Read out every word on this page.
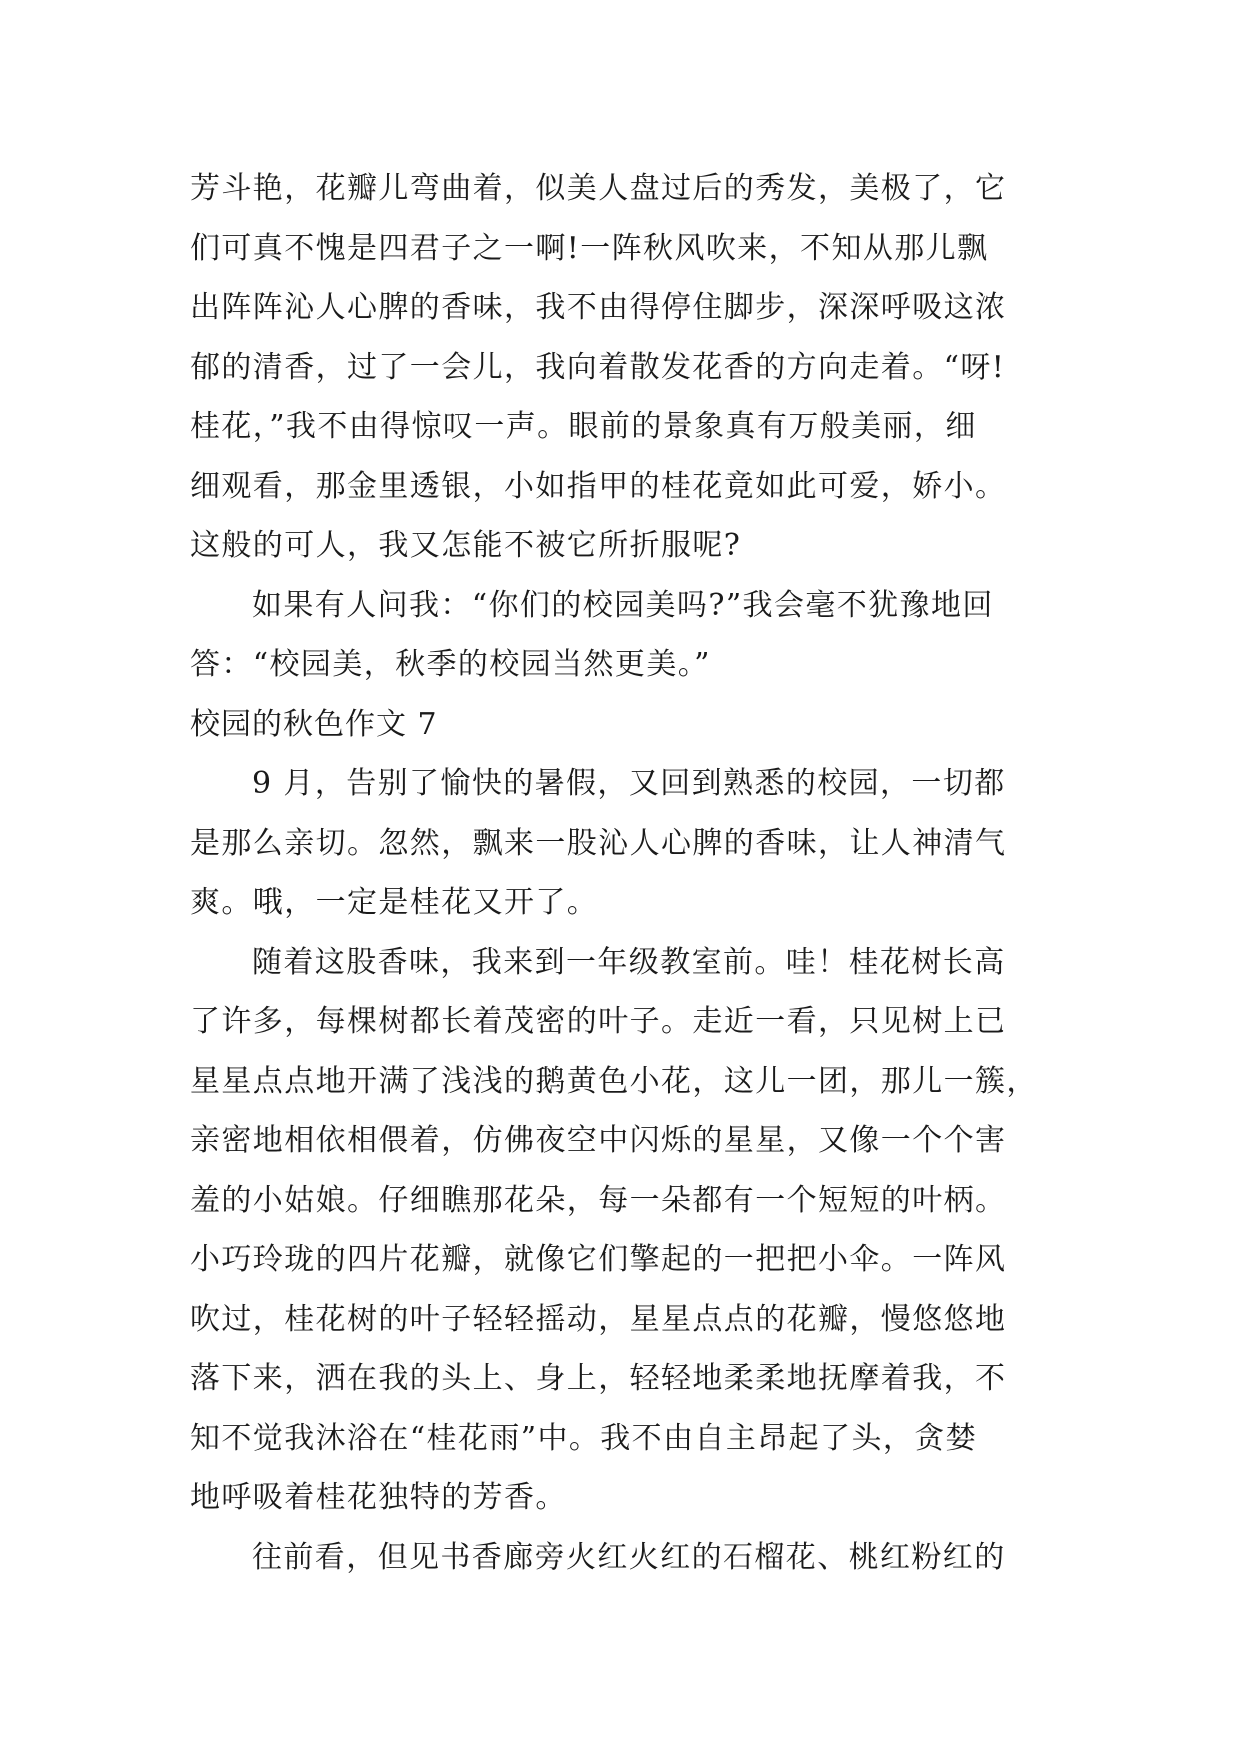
芳斗艳，花瓣儿弯曲着，似美人盘过后的秀发，美极了，它
们可真不愧是四君子之一啊!一阵秋风吹来，不知从那儿飘
出阵阵沁人心脾的香味，我不由得停住脚步，深深呼吸这浓
郁的清香，过了一会儿，我向着散发花香的方向走着。“呀!
桂花，”我不由得惊叹一声。眼前的景象真有万般美丽，细
细观看，那金里透银，小如指甲的桂花竟如此可爱，娇小。
这般的可人，我又怎能不被它所折服呢?
如果有人问我：“你们的校园美吗?”我会毫不犹豫地回
答：“校园美，秋季的校园当然更美。”
校园的秋色作文 7
9 月，告别了愉快的暑假，又回到熟悉的校园，一切都
是那么亲切。忽然，飘来一股沁人心脾的香味，让人神清气
爽。哦，一定是桂花又开了。
随着这股香味，我来到一年级教室前。哇！桂花树长高
了许多，每棵树都长着茂密的叶子。走近一看，只见树上已
星星点点地开满了浅浅的鹅黄色小花，这儿一团，那儿一簇，
亲密地相依相偎着，仿佛夜空中闪烁的星星，又像一个个害
羞的小姑娘。仔细瞧那花朵，每一朵都有一个短短的叶柄。
小巧玲珑的四片花瓣，就像它们擎起的一把把小伞。一阵风
吹过，桂花树的叶子轻轻摇动，星星点点的花瓣，慢悠悠地
落下来，洒在我的头上、身上，轻轻地柔柔地抚摩着我，不
知不觉我沐浴在“桂花雨”中。我不由自主昂起了头，贪婪
地呼吸着桂花独特的芳香。
往前看，但见书香廊旁火红火红的石榴花、桃红粉红的
